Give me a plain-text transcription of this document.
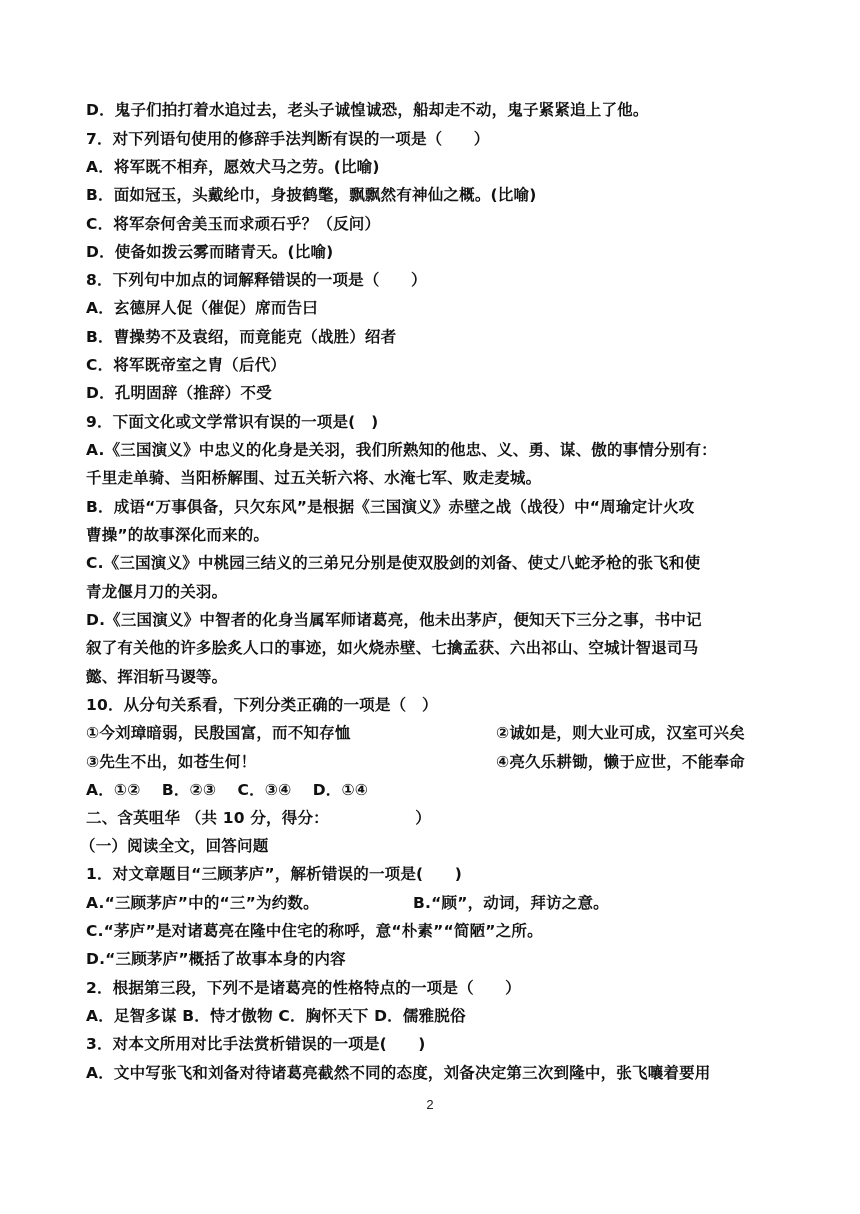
D．鬼子们拍打着水追过去，老头子诚惶诚恐，船却走不动，鬼子紧紧追上了他。
7．对下列语句使用的修辞手法判断有误的一项是（　　）
A．将军既不相弃，愿效犬马之劳。(比喻)
B．面如冠玉，头戴纶巾，身披鹤氅，飘飘然有神仙之概。(比喻)
C．将军奈何舍美玉而求顽石乎？（反问）
D．使备如拨云雾而睹青天。(比喻)
8．下列句中加点的词解释错误的一项是（　　）
A．玄德屏人促（催促）席而告曰
B．曹操势不及袁绍，而竟能克（战胜）绍者
C．将军既帝室之胄（后代）
D．孔明固辞（推辞）不受
9．下面文化或文学常识有误的一项是(　)
A.《三国演义》中忠义的化身是关羽，我们所熟知的他忠、义、勇、谋、傲的事情分别有：
千里走单骑、当阳桥解围、过五关斩六将、水淹七军、败走麦城。
B．成语“万事俱备，只欠东风”是根据《三国演义》赤壁之战（战役）中“周瑜定计火攻
曹操”的故事深化而来的。
C.《三国演义》中桃园三结义的三弟兄分别是使双股剑的刘备、使丈八蛇矛枪的张飞和使
青龙偃月刀的关羽。
D.《三国演义》中智者的化身当属军师诸葛亮，他未出茅庐，便知天下三分之事，书中记
叙了有关他的许多脍炙人口的事迹，如火烧赤壁、七擒孟获、六出祁山、空城计智退司马
懿、挥泪斩马谡等。
10．从分句关系看，下列分类正确的一项是（　）
①今刘璋暗弱，民殷国富，而不知存恤	②诚如是，则大业可成，汉室可兴矣
③先生不出，如苍生何！	④亮久乐耕锄，懒于应世，不能奉命
A．①②　 B．②③　 C．③④　 D．①④
二、含英咀华 （共 10 分，得分：　　　　　　）
（一）阅读全文，回答问题
1．对文章题目“三顾茅庐”，解析错误的一项是(　　)
A.“三顾茅庐”中的“三”为约数。	B.“顾”，动词，拜访之意。
C.“茅庐”是对诸葛亮在隆中住宅的称呼，意“朴素”“简陋”之所。
D.“三顾茅庐”概括了故事本身的内容
2．根据第三段，下列不是诸葛亮的性格特点的一项是（　　）
A．足智多谋 B．恃才傲物 C．胸怀天下 D．儒雅脱俗
3．对本文所用对比手法赏析错误的一项是(　　)
A．文中写张飞和刘备对待诸葛亮截然不同的态度，刘备决定第三次到隆中，张飞嚷着要用
2
